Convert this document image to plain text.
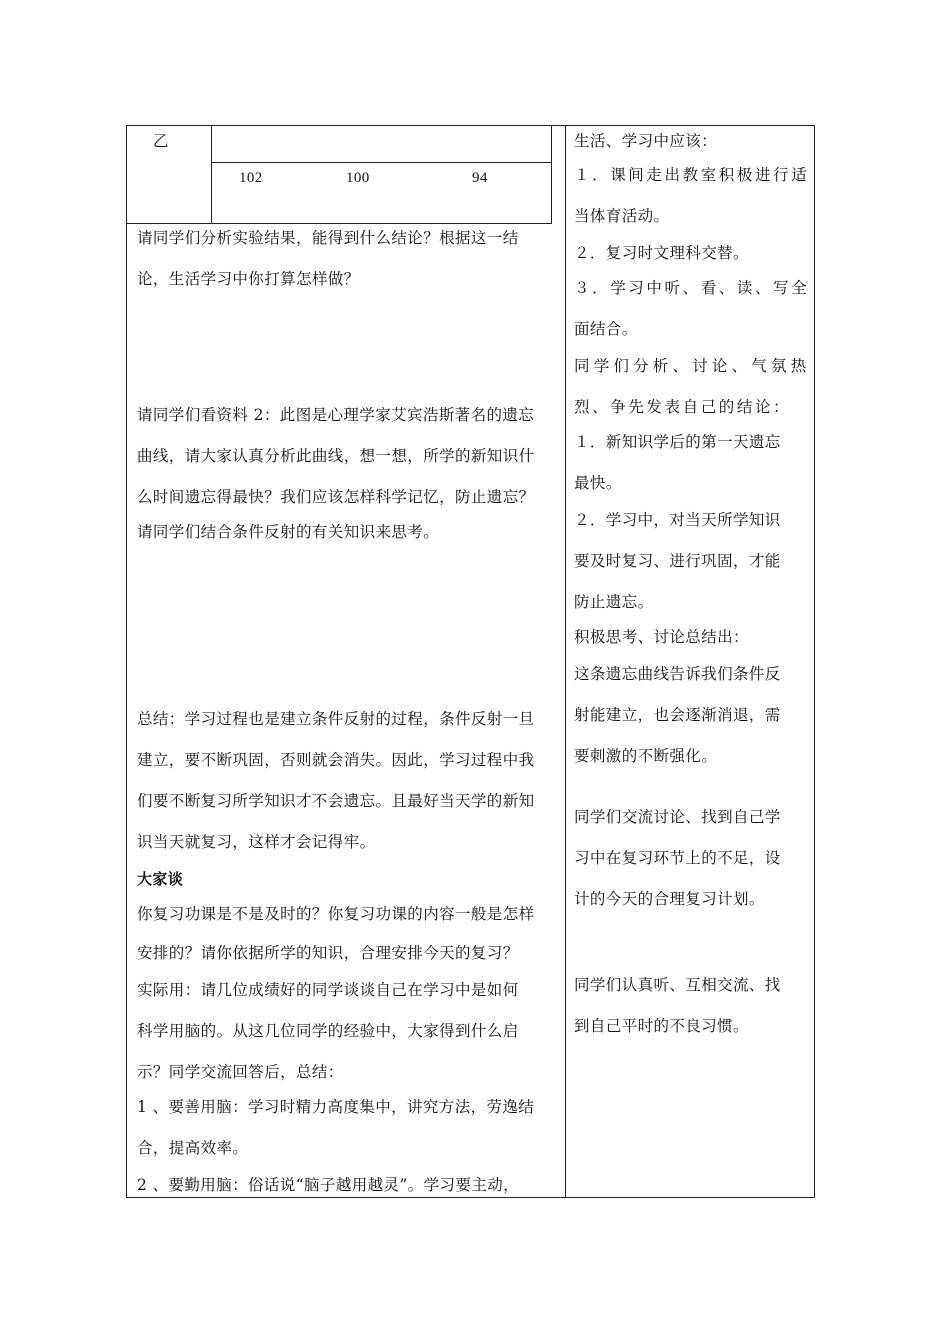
乙
102	100	94
请同学们分析实验结果，能得到什么结论？根据这一结
论，生活学习中你打算怎样做？
请同学们看资料 2：此图是心理学家艾宾浩斯著名的遗忘
曲线，请大家认真分析此曲线，想一想，所学的新知识什
么时间遗忘得最快？我们应该怎样科学记忆，防止遗忘？
请同学们结合条件反射的有关知识来思考。
总结：学习过程也是建立条件反射的过程，条件反射一旦
建立，要不断巩固，否则就会消失。因此，学习过程中我
们要不断复习所学知识才不会遗忘。且最好当天学的新知
识当天就复习，这样才会记得牢。
大家谈
你复习功课是不是及时的？你复习功课的内容一般是怎样
安排的？请你依据所学的知识，合理安排今天的复习？
实际用：请几位成绩好的同学谈谈自己在学习中是如何
科学用脑的。从这几位同学的经验中，大家得到什么启
示？同学交流回答后，总结：
1 、要善用脑：学习时精力高度集中，讲究方法，劳逸结
合，提高效率。
2 、要勤用脑：俗话说“脑子越用越灵”。学习要主动，
生活、学习中应该：
１．课间走出教室积极进行适
当体育活动。
２．复习时文理科交替。
３．学习中听、看、读、写全
面结合。
同学们分析、讨论、气氛热
烈、争先发表自己的结论：
１．新知识学后的第一天遗忘
最快。
２．学习中，对当天所学知识
要及时复习、进行巩固，才能
防止遗忘。
积极思考、讨论总结出：
这条遗忘曲线告诉我们条件反
射能建立，也会逐渐消退，需
要刺激的不断强化。
同学们交流讨论、找到自己学
习中在复习环节上的不足，设
计的今天的合理复习计划。
同学们认真听、互相交流、找
到自己平时的不良习惯。
